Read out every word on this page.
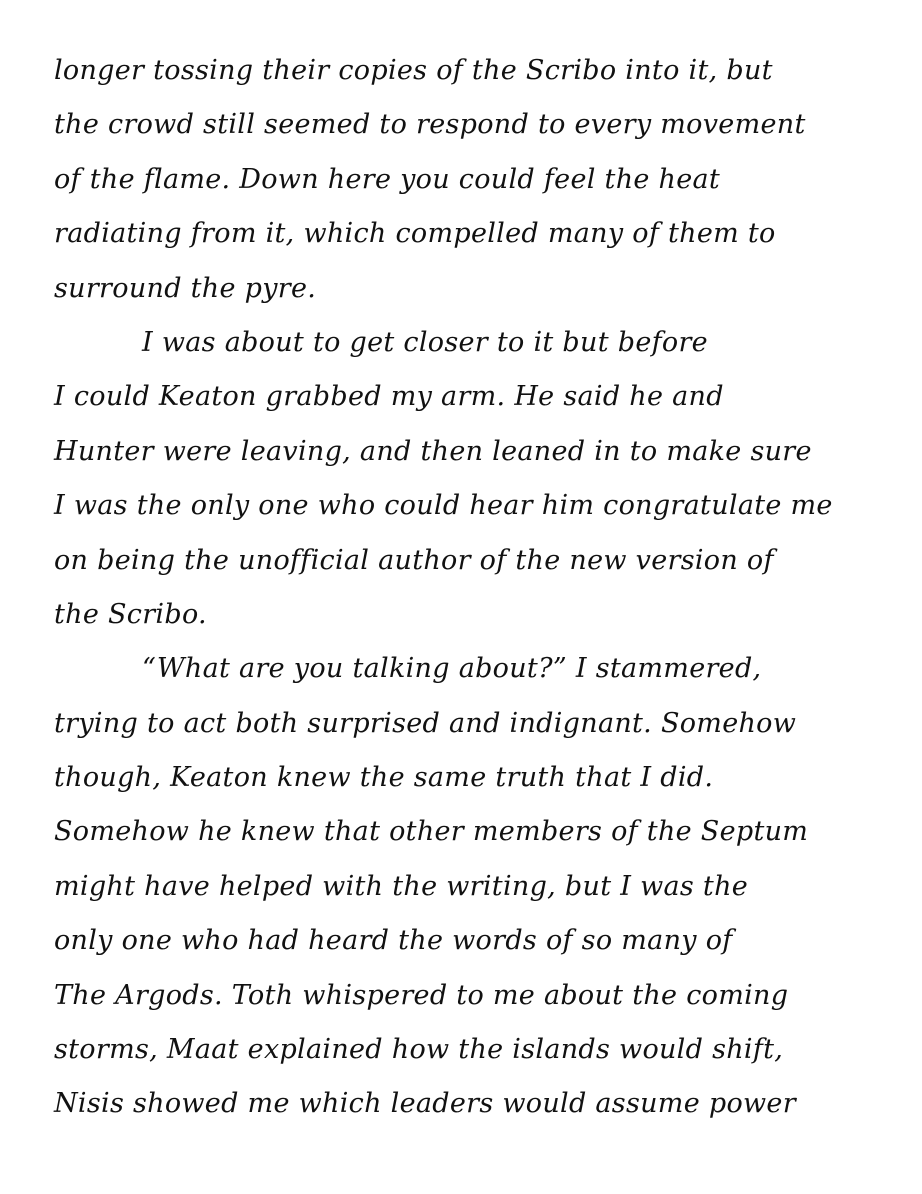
longer tossing their copies of the Scribo into it, but
the crowd still seemed to respond to every movement
of the flame. Down here you could feel the heat
radiating from it, which compelled many of them to
surround the pyre.
I was about to get closer to it but before
I could Keaton grabbed my arm. He said he and
Hunter were leaving, and then leaned in to make sure
I was the only one who could hear him congratulate me
on being the unofficial author of the new version of
the Scribo.
“What are you talking about?” I stammered,
trying to act both surprised and indignant. Somehow
though, Keaton knew the same truth that I did.
Somehow he knew that other members of the Septum
might have helped with the writing, but I was the
only one who had heard the words of so many of
The Argods. Toth whispered to me about the coming
storms, Maat explained how the islands would shift,
Nisis showed me which leaders would assume power
